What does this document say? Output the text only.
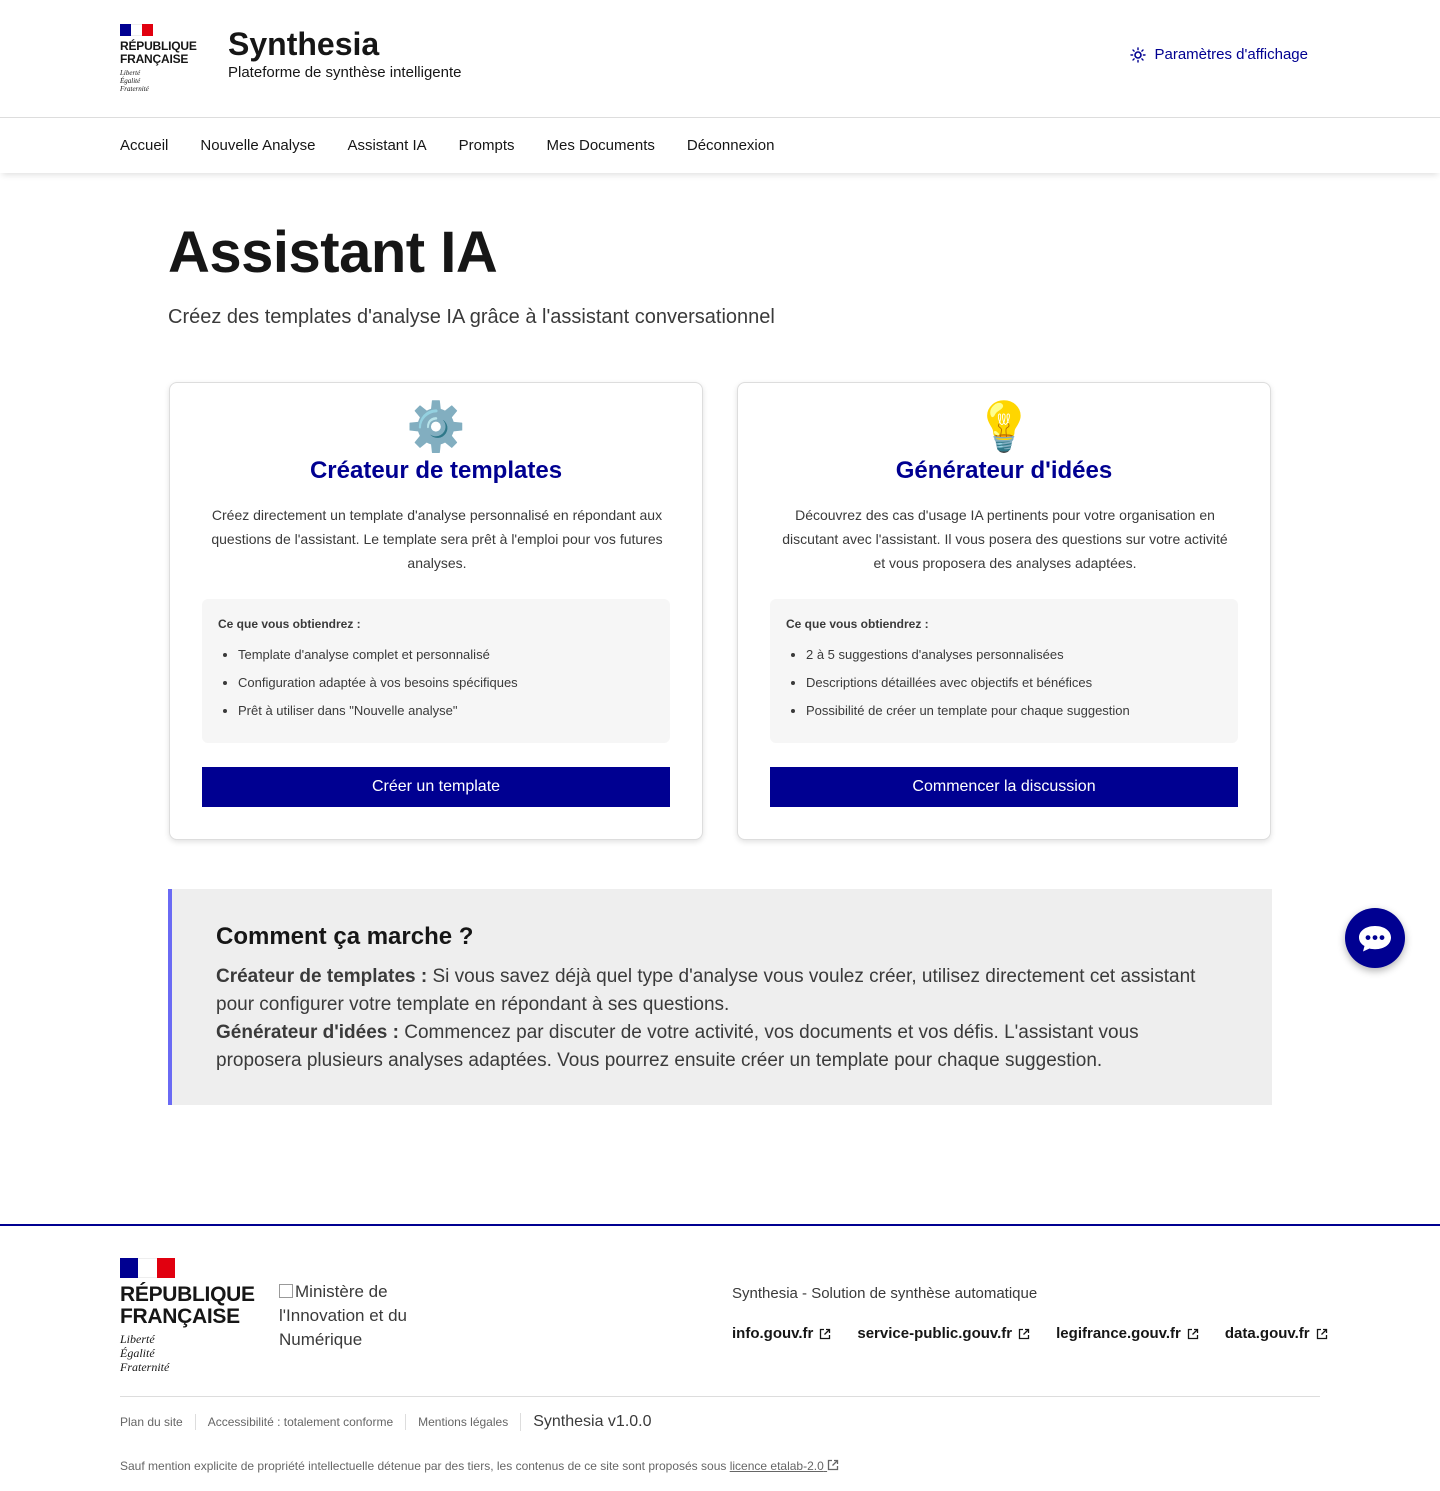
RÉPUBLIQUE
FRANÇAISE
Liberté
Égalité
Fraternité
Synthesia
Plateforme de synthèse intelligente
Paramètres d'affichage
Accueil Nouvelle Analyse Assistant IA Prompts Mes Documents Déconnexion
Assistant IA

Créez des templates d'analyse IA grâce à l'assistant conversationnel

⚙️
Créateur de templates

Créez directement un template d'analyse personnalisé en répondant aux questions de l'assistant. Le template sera prêt à l'emploi pour vos futures analyses.

Ce que vous obtiendrez :
• Template d'analyse complet et personnalisé
• Configuration adaptée à vos besoins spécifiques
• Prêt à utiliser dans "Nouvelle analyse"
Créer un template
💡
Générateur d'idées

Découvrez des cas d'usage IA pertinents pour votre organisation en discutant avec l'assistant. Il vous posera des questions sur votre activité et vous proposera des analyses adaptées.

Ce que vous obtiendrez :
• 2 à 5 suggestions d'analyses personnalisées
• Descriptions détaillées avec objectifs et bénéfices
• Possibilité de créer un template pour chaque suggestion
Commencer la discussion
Comment ça marche ?

Créateur de templates : Si vous savez déjà quel type d'analyse vous voulez créer, utilisez directement cet assistant pour configurer votre template en répondant à ses questions.

Générateur d'idées : Commencez par discuter de votre activité, vos documents et vos défis. L'assistant vous proposera plusieurs analyses adaptées. Vous pourrez ensuite créer un template pour chaque suggestion.

RÉPUBLIQUE
FRANÇAISE
Liberté
Égalité
Fraternité
Ministère de l'Innovation et du Numérique
Synthesia - Solution de synthèse automatique
info.gouv.fr	service-public.gouv.fr	legifrance.gouv.fr	data.gouv.fr
Plan du site	Accessibilité : totalement conforme	Mentions légales	Synthesia v1.0.0
Sauf mention explicite de propriété intellectuelle détenue par des tiers, les contenus de ce site sont proposés sous licence etalab-2.0
